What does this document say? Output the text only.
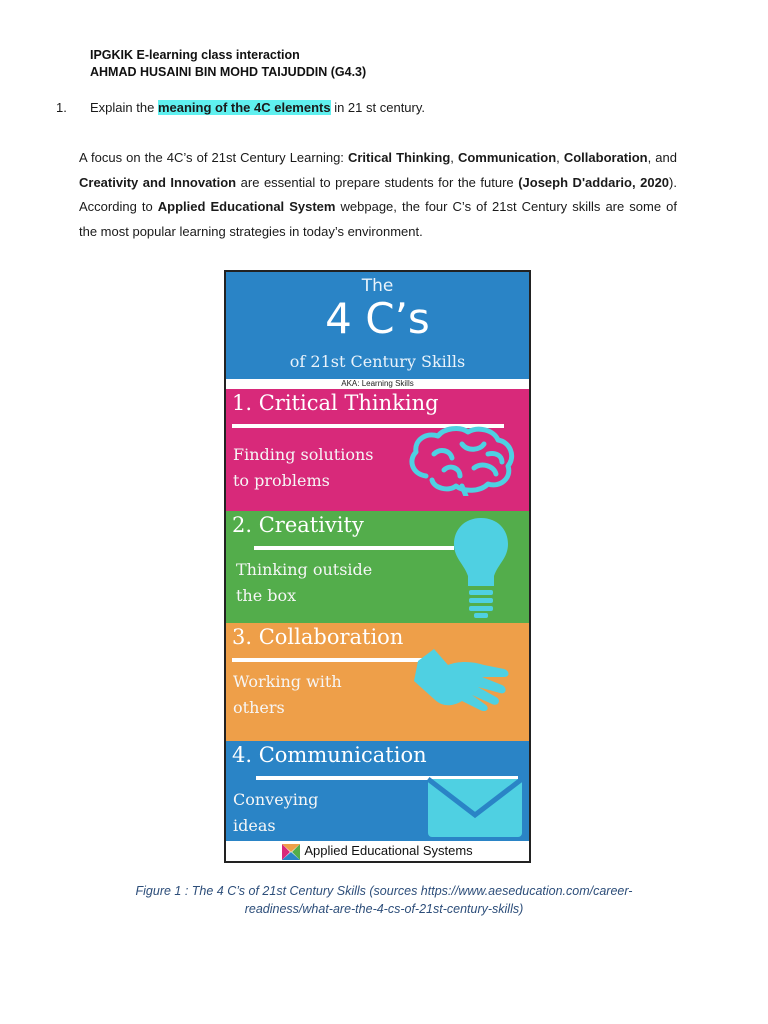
IPGKIK E-learning class interaction
AHMAD HUSAINI BIN MOHD TAIJUDDIN (G4.3)
1. Explain the meaning of the 4C elements in 21 st century.
A focus on the 4C’s of 21st Century Learning: Critical Thinking, Communication, Collaboration, and Creativity and Innovation are essential to prepare students for the future (Joseph D'addario, 2020). According to Applied Educational System webpage, the four C’s of 21st Century skills are some of the most popular learning strategies in today’s environment.
The
4 C’s
of 21st Century Skills
AKA: Learning Skills
1. Critical Thinking
Finding solutions
to problems
2. Creativity
Thinking outside
the box
3. Collaboration
Working with
others
4. Communication
Conveying
ideas
Applied Educational Systems
Figure 1 : The 4 C’s of 21st Century Skills (sources https://www.aeseducation.com/career-
readiness/what-are-the-4-cs-of-21st-century-skills)
